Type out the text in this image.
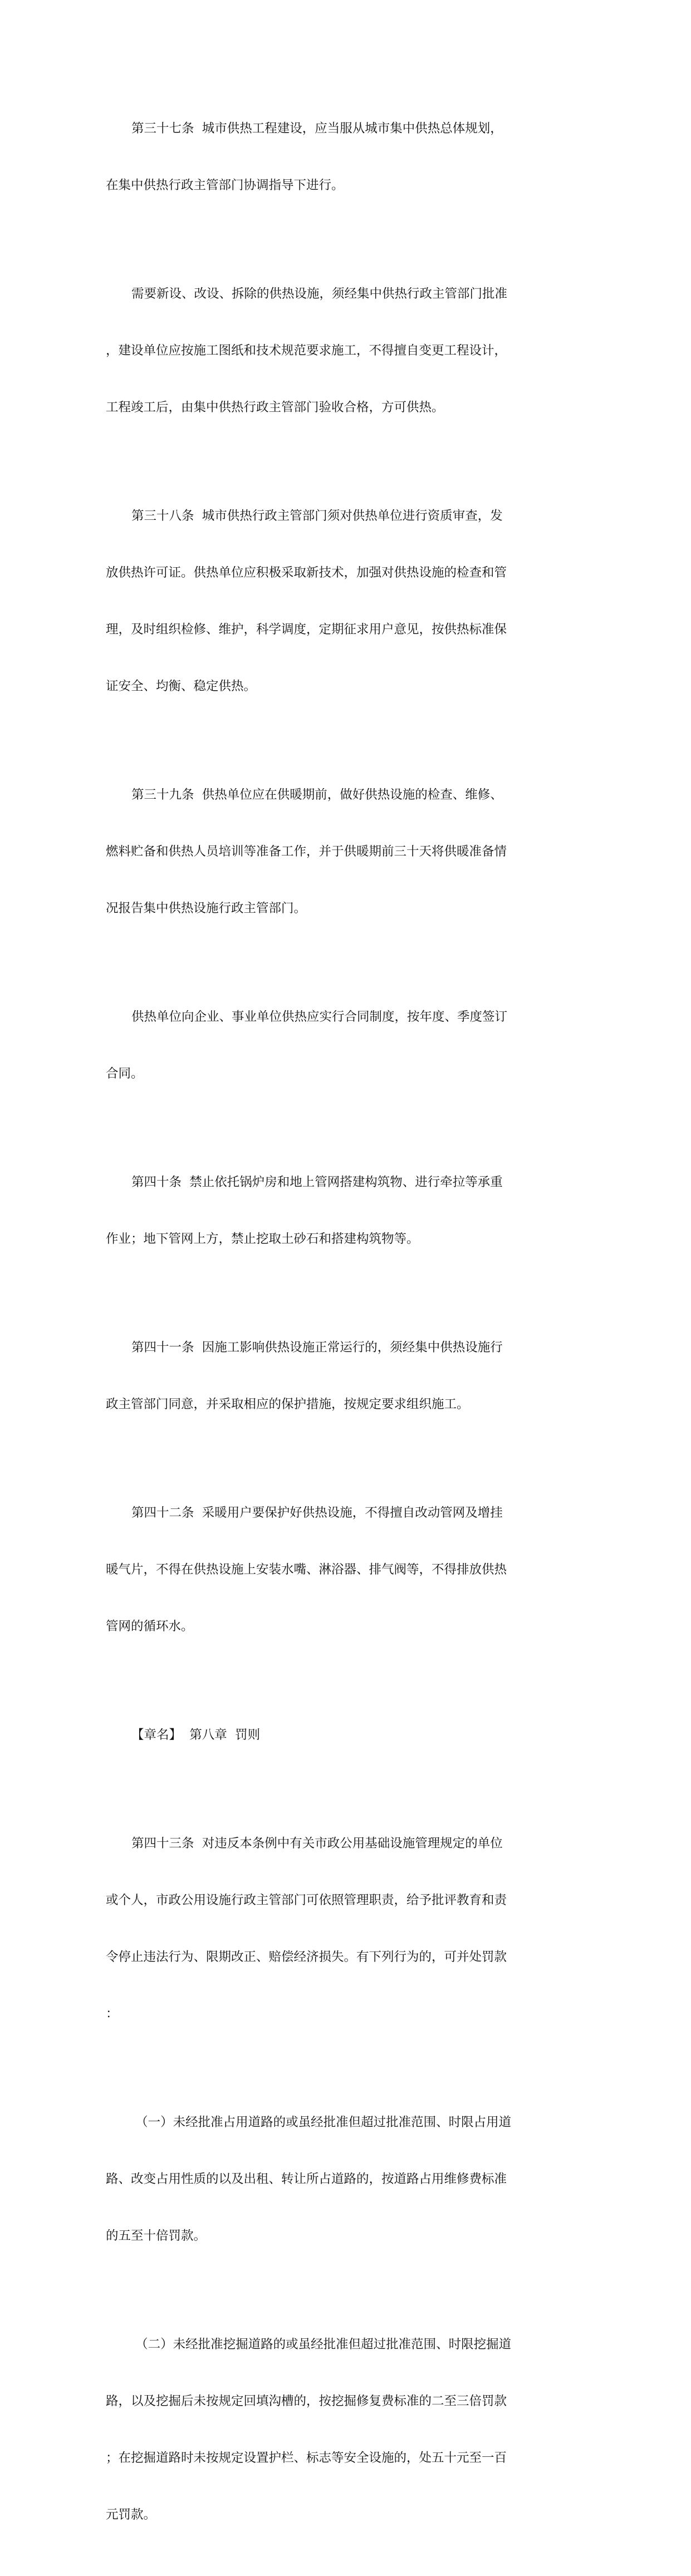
第三十七条  城市供热工程建设，应当服从城市集中供热总体规划，

在集中供热行政主管部门协调指导下进行。

需要新设、改设、拆除的供热设施，须经集中供热行政主管部门批准

，建设单位应按施工图纸和技术规范要求施工，不得擅自变更工程设计，

工程竣工后，由集中供热行政主管部门验收合格，方可供热。

第三十八条  城市供热行政主管部门须对供热单位进行资质审查，发

放供热许可证。供热单位应积极采取新技术，加强对供热设施的检查和管

理，及时组织检修、维护，科学调度，定期征求用户意见，按供热标准保

证安全、均衡、稳定供热。

第三十九条  供热单位应在供暖期前，做好供热设施的检查、维修、

燃料贮备和供热人员培训等准备工作，并于供暖期前三十天将供暖准备情

况报告集中供热设施行政主管部门。

供热单位向企业、事业单位供热应实行合同制度，按年度、季度签订

合同。

第四十条  禁止依托锅炉房和地上管网搭建构筑物、进行牵拉等承重

作业；地下管网上方，禁止挖取土砂石和搭建构筑物等。

第四十一条  因施工影响供热设施正常运行的，须经集中供热设施行

政主管部门同意，并采取相应的保护措施，按规定要求组织施工。

第四十二条  采暖用户要保护好供热设施，不得擅自改动管网及增挂

暖气片，不得在供热设施上安装水嘴、淋浴器、排气阀等，不得排放供热

管网的循环水。

【章名】  第八章  罚则

第四十三条  对违反本条例中有关市政公用基础设施管理规定的单位

或个人，市政公用设施行政主管部门可依照管理职责，给予批评教育和责

令停止违法行为、限期改正、赔偿经济损失。有下列行为的，可并处罚款

：

（一）未经批准占用道路的或虽经批准但超过批准范围、时限占用道

路、改变占用性质的以及出租、转让所占道路的，按道路占用维修费标准

的五至十倍罚款。

（二）未经批准挖掘道路的或虽经批准但超过批准范围、时限挖掘道

路，以及挖掘后未按规定回填沟槽的，按挖掘修复费标准的二至三倍罚款

；在挖掘道路时未按规定设置护栏、标志等安全设施的，处五十元至一百

元罚款。
